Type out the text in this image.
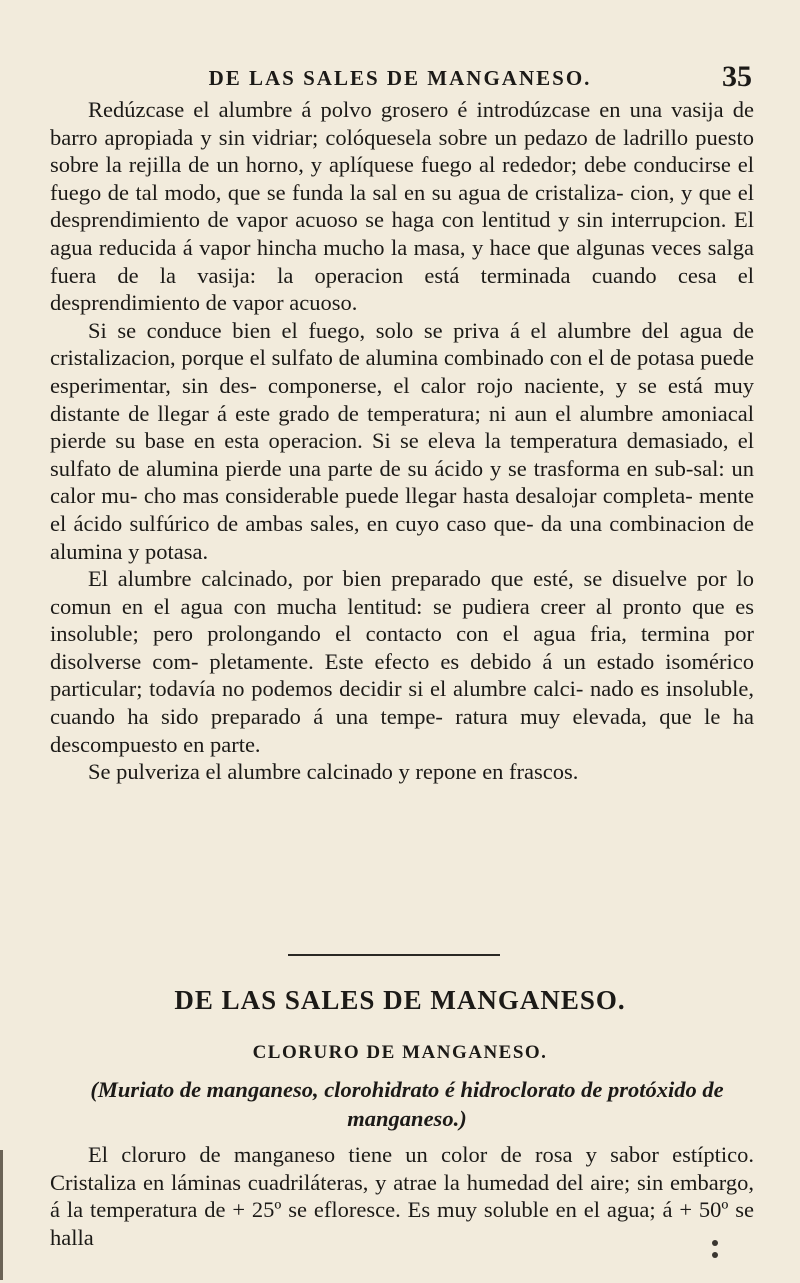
DE LAS SALES DE MANGANESO.	35

Redúzcase el alumbre á polvo grosero é introdúzcase en una vasija de barro apropiada y sin vidriar; colóquesela sobre un pedazo de ladrillo puesto sobre la rejilla de un horno, y aplíquese fuego al rededor; debe conducirse el fuego de tal modo, que se funda la sal en su agua de cristaliza- cion, y que el desprendimiento de vapor acuoso se haga con lentitud y sin interrupcion. El agua reducida á vapor hincha mucho la masa, y hace que algunas veces salga fuera de la vasija: la operacion está terminada cuando cesa el desprendimiento de vapor acuoso.

Si se conduce bien el fuego, solo se priva á el alumbre del agua de cristalizacion, porque el sulfato de alumina combinado con el de potasa puede esperimentar, sin des- componerse, el calor rojo naciente, y se está muy distante de llegar á este grado de temperatura; ni aun el alumbre amoniacal pierde su base en esta operacion. Si se eleva la temperatura demasiado, el sulfato de alumina pierde una parte de su ácido y se trasforma en sub-sal: un calor mu- cho mas considerable puede llegar hasta desalojar completa- mente el ácido sulfúrico de ambas sales, en cuyo caso que- da una combinacion de alumina y potasa.

El alumbre calcinado, por bien preparado que esté, se disuelve por lo comun en el agua con mucha lentitud: se pudiera creer al pronto que es insoluble; pero prolongando el contacto con el agua fria, termina por disolverse com- pletamente. Este efecto es debido á un estado isomérico particular; todavía no podemos decidir si el alumbre calci- nado es insoluble, cuando ha sido preparado á una tempe- ratura muy elevada, que le ha descompuesto en parte.

Se pulveriza el alumbre calcinado y repone en frascos.

DE LAS SALES DE MANGANESO.
CLORURO DE MANGANESO.
(Muriato de manganeso, clorohidrato é hidroclorato de protóxido de manganeso.)

El cloruro de manganeso tiene un color de rosa y sabor estíptico. Cristaliza en láminas cuadriláteras, y atrae la humedad del aire; sin embargo, á la temperatura de + 25º se efloresce. Es muy soluble en el agua; á + 50º se halla
